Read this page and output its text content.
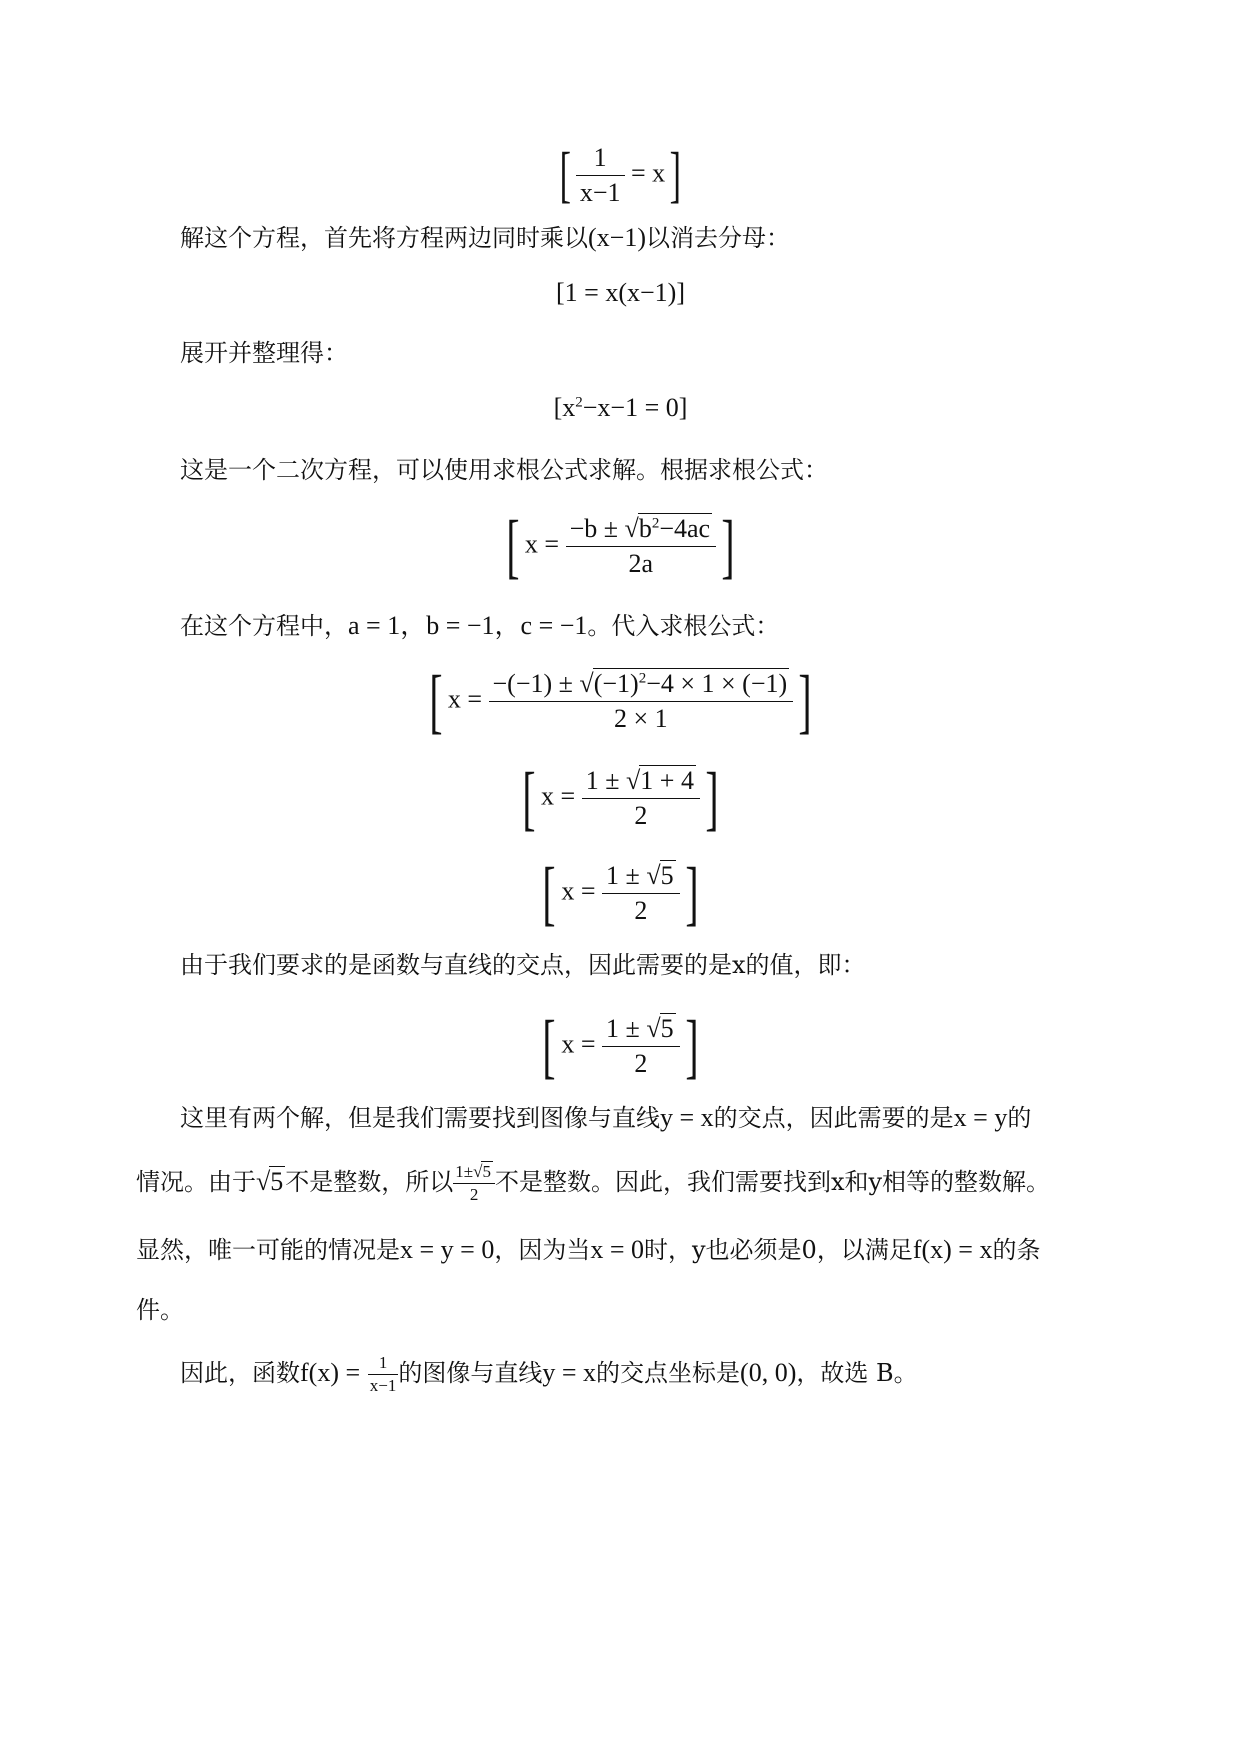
[ $\frac{1}{x-1} = x$]
解这个方程，首先将方程两边同时乘以(x−1)以消去分母：
[1 = x(x−1)]
展开并整理得：
$[x^2-x-1 = 0]$
这是一个二次方程，可以使用求根公式求解。根据求根公式：
[ $x = \frac{-b \pm √b^2-4ac}{2a}$ ]
在这个方程中，a = 1，b = −1，c = −1。代入求根公式：
[ $x = \frac{-(-1) \pm √(-1)^2-4 \times 1 \times (-1)}{2 \times 1}$ ]
[ $x = \frac{1 \pm √1 + 4}{2}$ ]
[ $x = \frac{1 \pm √5}{2}$ ]
由于我们要求的是函数与直线的交点，因此需要的是x的值，即：
[ $x = \frac{1 \pm √5}{2}$ ]
这里有两个解，但是我们需要找到图像与直线y = x的交点，因此需要的是x = y的
情况。由于√5不是整数，所以 $\frac{1\pm√5}{2}$ 不是整数。因此，我们需要找到x和y相等的整数解。
显然，唯一可能的情况是x = y = 0，因为当x = 0时，y也必须是0，以满足f(x) = x的条
件。
因此，函数$f(x) = \frac{1}{x-1}$ 的图像与直线y = x的交点坐标是(0, 0)，故选 B。
